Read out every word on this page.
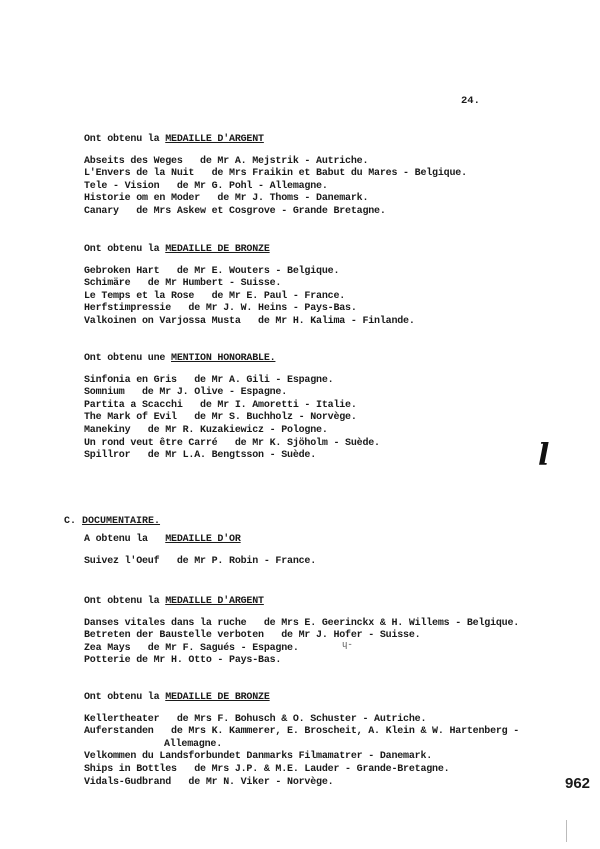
24.
Ont obtenu la MEDAILLE D'ARGENT
Abseits des Weges   de Mr A. Mejstrik - Autriche.
L'Envers de la Nuit   de Mrs Fraikin et Babut du Mares - Belgique.
Tele - Vision   de Mr G. Pohl - Allemagne.
Historie om en Moder   de Mr J. Thoms - Danemark.
Canary   de Mrs Askew et Cosgrove - Grande Bretagne.
Ont obtenu la MEDAILLE DE BRONZE
Gebroken Hart   de Mr E. Wouters - Belgique.
Schimäre   de Mr Humbert - Suisse.
Le Temps et la Rose   de Mr E. Paul - France.
Herfstimpressie   de Mr J. W. Heins - Pays-Bas.
Valkoinen on Varjossa Musta   de Mr H. Kalima - Finlande.
Ont obtenu une MENTION HONORABLE.
Sinfonia en Gris   de Mr A. Gili - Espagne.
Somnium   de Mr J. Olive - Espagne.
Partita a Scacchi   de Mr I. Amoretti - Italie.
The Mark of Evil   de Mr S. Buchholz - Norvège.
Manekiny   de Mr R. Kuzakiewicz - Pologne.
Un rond veut être Carré   de Mr K. Sjöholm - Suède.
Spillror   de Mr L.A. Bengtsson - Suède.	l
C. DOCUMENTAIRE.
A obtenu la   MEDAILLE D'OR
Suivez l'Oeuf   de Mr P. Robin - France.
Ont obtenu la MEDAILLE D'ARGENT
Danses vitales dans la ruche   de Mrs E. Geerinckx & H. Willems - Belgique.
Betreten der Baustelle verboten   de Mr J. Hofer - Suisse.
Zea Mays   de Mr F. Sagués - Espagne.
Potterie de Mr H. Otto - Pays-Bas.
ɥ-
Ont obtenu la MEDAILLE DE BRONZE
Kellertheater   de Mrs F. Bohusch & O. Schuster - Autriche.
Auferstanden   de Mrs K. Kammerer, E. Broscheit, A. Klein & W. Hartenberg -
Allemagne.
Velkommen du Landsforbundet Danmarks Filmamatrer - Danemark.
Ships in Bottles   de Mrs J.P. & M.E. Lauder - Grande-Bretagne.
Vidals-Gudbrand   de Mr N. Viker - Norvège.	962
